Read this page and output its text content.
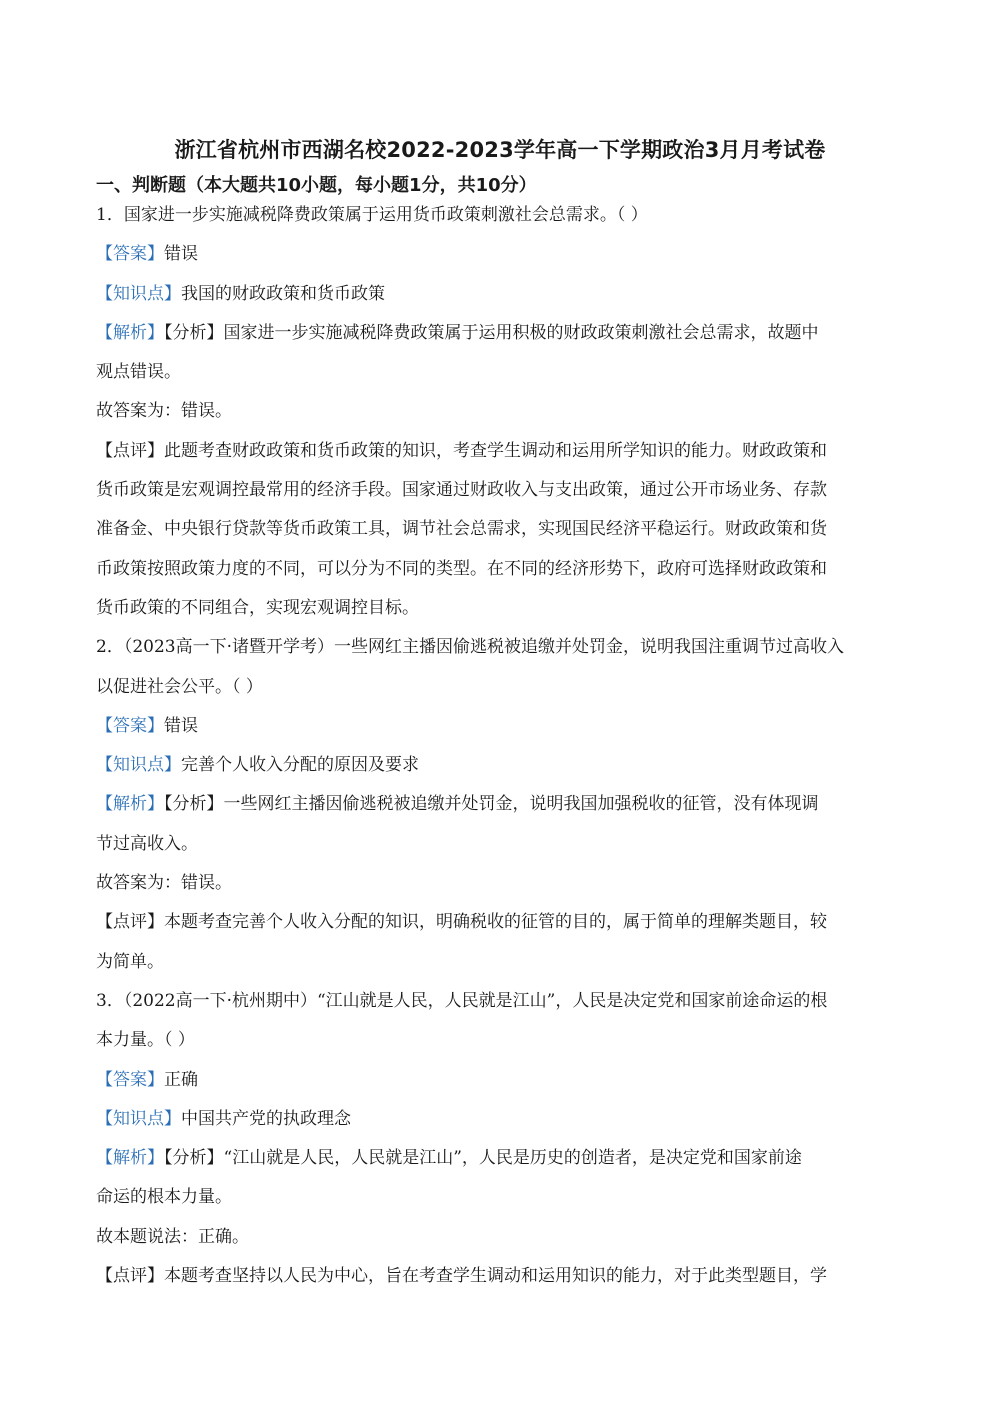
浙江省杭州市西湖名校2022-2023学年高一下学期政治3月月考试卷
一、判断题（本大题共10小题，每小题1分，共10分）
1．国家进一步实施减税降费政策属于运用货币政策刺激社会总需求。（ ）
【答案】错误
【知识点】我国的财政政策和货币政策
【解析】【分析】国家进一步实施减税降费政策属于运用积极的财政政策刺激社会总需求，故题中
观点错误。
故答案为：错误。
【点评】此题考查财政政策和货币政策的知识，考查学生调动和运用所学知识的能力。财政政策和
货币政策是宏观调控最常用的经济手段。国家通过财政收入与支出政策，通过公开市场业务、存款
准备金、中央银行贷款等货币政策工具，调节社会总需求，实现国民经济平稳运行。财政政策和货
币政策按照政策力度的不同，可以分为不同的类型。在不同的经济形势下，政府可选择财政政策和
货币政策的不同组合，实现宏观调控目标。
2．（2023高一下·诸暨开学考）一些网红主播因偷逃税被追缴并处罚金，说明我国注重调节过高收入
以促进社会公平。（ ）
【答案】错误
【知识点】完善个人收入分配的原因及要求
【解析】【分析】一些网红主播因偷逃税被追缴并处罚金，说明我国加强税收的征管，没有体现调
节过高收入。
故答案为：错误。
【点评】本题考查完善个人收入分配的知识，明确税收的征管的目的，属于简单的理解类题目，较
为简单。
3．（2022高一下·杭州期中）“江山就是人民，人民就是江山”，人民是决定党和国家前途命运的根
本力量。（ ）
【答案】正确
【知识点】中国共产党的执政理念
【解析】【分析】“江山就是人民，人民就是江山”，人民是历史的创造者，是决定党和国家前途
命运的根本力量。
故本题说法：正确。
【点评】本题考查坚持以人民为中心，旨在考查学生调动和运用知识的能力，对于此类型题目，学
